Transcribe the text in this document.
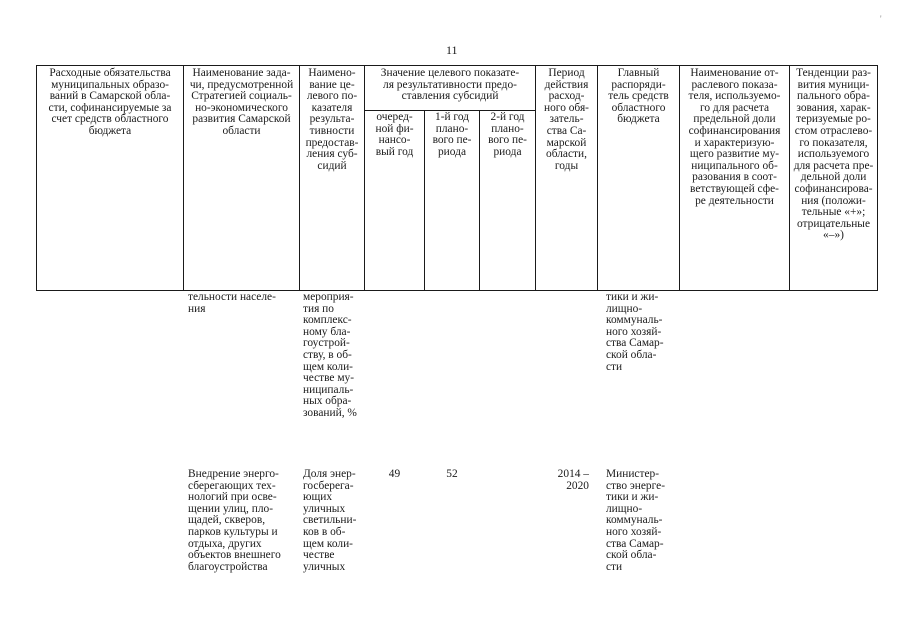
11
'
Расходные обязательства
муниципальных образо-
ваний в Самарской обла-
сти, софинансируемые за
счет средств областного
бюджета
Наименование зада-
чи, предусмотренной
Стратегией социаль-
но-экономического
развития Самарской
области
Наимено-
вание це-
левого по-
казателя
результа-
тивности
предостав-
ления суб-
сидий
Значение целевого показате-
ля результативности предо-
ставления субсидий
очеред-
ной фи-
нансо-
вый год
1-й год
плано-
вого пе-
риода
2-й год
плано-
вого пе-
риода
Период
действия
расход-
ного обя-
затель-
ства Са-
марской
области,
годы
Главный
распоряди-
тель средств
областного
бюджета
Наименование от-
раслевого показа-
теля, используемо-
го для расчета
предельной доли
софинансирования
и характеризую-
щего развитие му-
ниципального об-
разования в соот-
ветствующей сфе-
ре деятельности
Тенденции раз-
вития муници-
пального обра-
зования, харак-
теризуемые ро-
стом отраслево-
го показателя,
используемого
для расчета пре-
дельной доли
софинансирова-
ния (положи-
тельные «+»;
отрицательные
«–»)
тельности населе-
ния
мероприя-
тия по
комплекс-
ному бла-
гоустрой-
ству, в об-
щем коли-
честве му-
ниципаль-
ных обра-
зований, %
тики и жи-
лищно-
коммуналь-
ного хозяй-
ства Самар-
ской обла-
сти
Внедрение энерго-
сберегающих тех-
нологий при осве-
щении улиц, пло-
щадей, скверов,
парков культуры и
отдыха, других
объектов внешнего
благоустройства
Доля энер-
госберега-
ющих
уличных
светильни-
ков в об-
щем коли-
честве
уличных
49	52	2014 –
2020
Министер-
ство энерге-
тики и жи-
лищно-
коммуналь-
ного хозяй-
ства Самар-
ской обла-
сти
